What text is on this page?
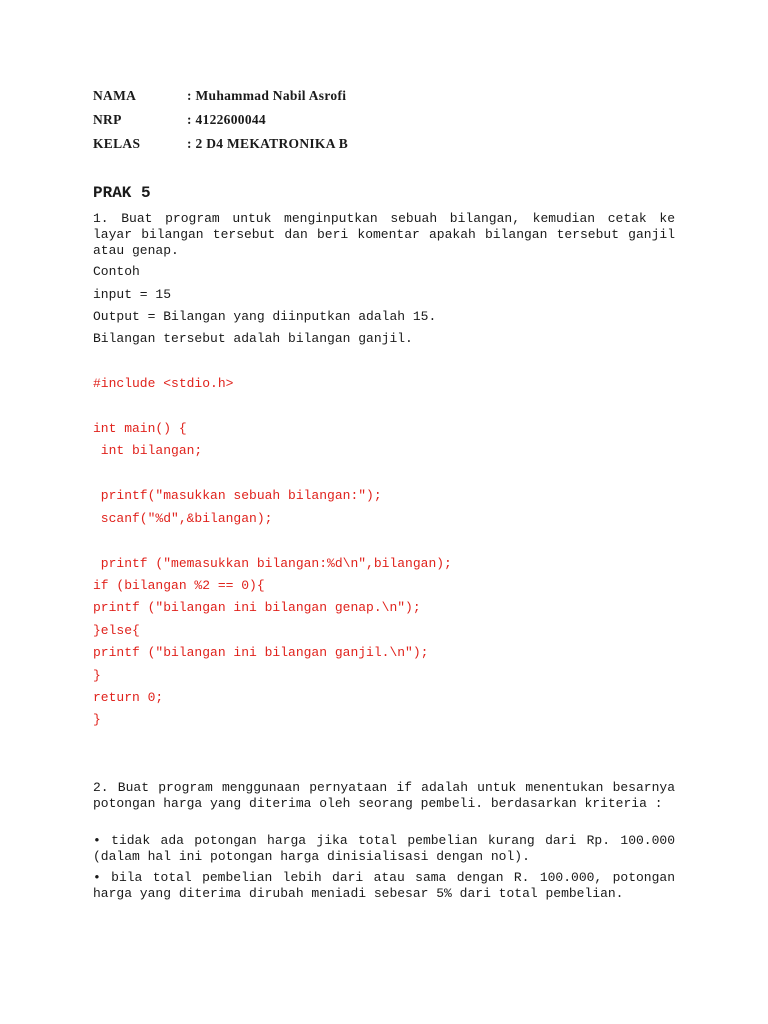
NAMA	: Muhammad Nabil Asrofi
NRP	: 4122600044
KELAS	: 2 D4 MEKATRONIKA B
PRAK 5
1. Buat program untuk menginputkan sebuah bilangan, kemudian cetak ke layar bilangan tersebut dan beri komentar apakah bilangan tersebut ganjil atau genap.
Contoh
input = 15
Output = Bilangan yang diinputkan adalah 15.
Bilangan tersebut adalah bilangan ganjil.
#include <stdio.h>
int main() {
int bilangan;
printf("masukkan sebuah bilangan:");
scanf("%d",&bilangan);
printf ("memasukkan bilangan:%d\n",bilangan);
if (bilangan %2 == 0){
printf ("bilangan ini bilangan genap.\n");
}else{
printf ("bilangan ini bilangan ganjil.\n");
}
return 0;
}
2. Buat program menggunaan pernyataan if adalah untuk menentukan besarnya potongan harga yang diterima oleh seorang pembeli. berdasarkan kriteria :
• tidak ada potongan harga jika total pembelian kurang dari Rp. 100.000 (dalam hal ini potongan harga dinisialisasi dengan nol).
• bila total pembelian lebih dari atau sama dengan R. 100.000, potongan harga yang diterima dirubah meniadi sebesar 5% dari total pembelian.
